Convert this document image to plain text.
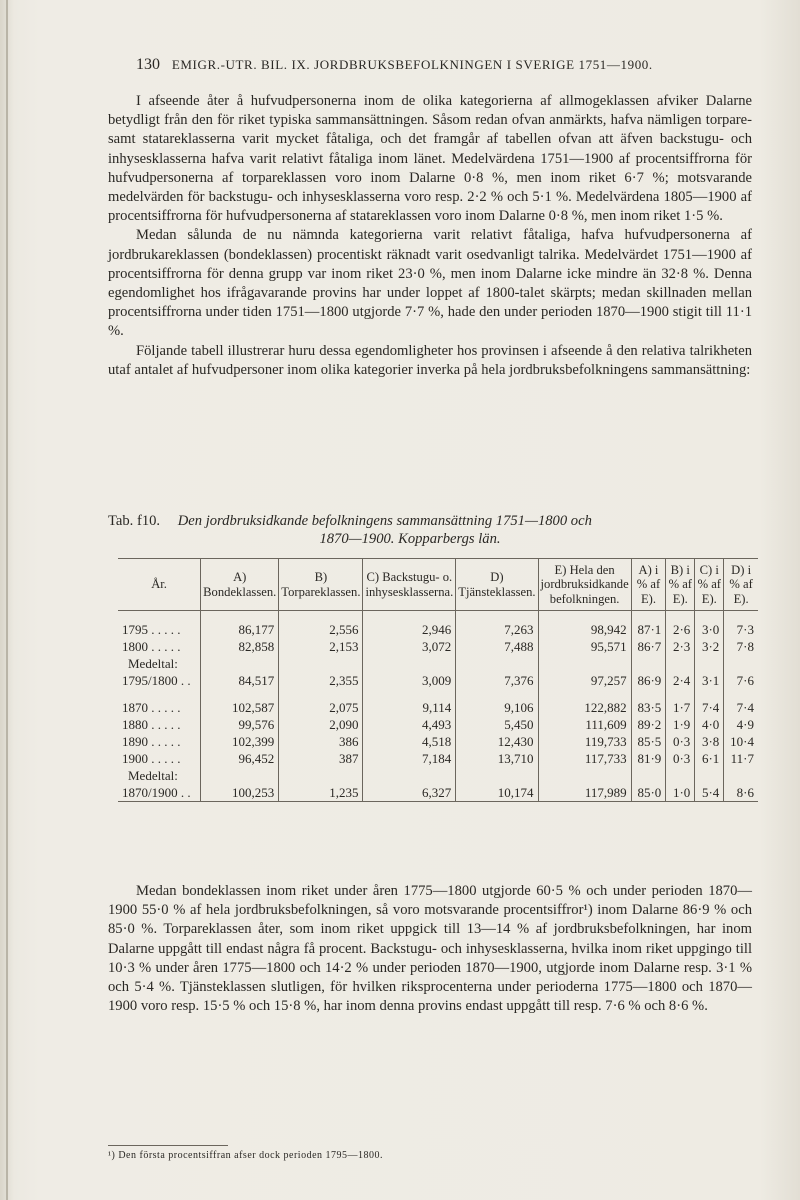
130 EMIGR.-UTR. BIL. IX. JORDBRUKSBEFOLKNINGEN I SVERIGE 1751—1900.

I afseende åter å hufvudpersonerna inom de olika kategorierna af allmogeklassen afviker Dalarne betydligt från den för riket typiska sammansättningen. Såsom redan ofvan anmärkts, hafva nämligen torpare- samt statareklasserna varit mycket fåtaliga, och det framgår af tabellen ofvan att äfven backstugu- och inhysesklasserna hafva varit relativt fåtaliga inom länet. Medelvärdena 1751—1900 af procentsiffrorna för hufvudpersonerna af torpareklassen voro inom Dalarne 0·8 %, men inom riket 6·7 %; motsvarande medelvärden för backstugu- och inhysesklasserna voro resp. 2·2 % och 5·1 %. Medelvärdena 1805—1900 af procentsiffrorna för hufvudpersonerna af statareklassen voro inom Dalarne 0·8 %, men inom riket 1·5 %.

Medan sålunda de nu nämnda kategorierna varit relativt fåtaliga, hafva hufvudpersonerna af jordbrukareklassen (bondeklassen) procentiskt räknadt varit osedvanligt talrika. Medelvärdet 1751—1900 af procentsiffrorna för denna grupp var inom riket 23·0 %, men inom Dalarne icke mindre än 32·8 %. Denna egendomlighet hos ifrågavarande provins har under loppet af 1800-talet skärpts; medan skillnaden mellan procentsiffrorna under tiden 1751—1800 utgjorde 7·7 %, hade den under perioden 1870—1900 stigit till 11·1 %.

Följande tabell illustrerar huru dessa egendomligheter hos provinsen i afseende å den relativa talrikheten utaf antalet af hufvudpersoner inom olika kategorier inverka på hela jordbruksbefolkningens sammansättning:

Tab. f10. Den jordbruksidkande befolkningens sammansättning 1751—1800 och
1870—1900. Kopparbergs län.
År.	A) Bondeklassen.	B) Torpareklassen.	C) Backstugu- o. inhysesklasserna.	D) Tjänsteklassen.	E) Hela den jordbruksidkande befolkningen.	A) i % af E).	B) i % af E).	C) i % af E).	D) i % af E).

1795 . . . . .	86,177	2,556	2,946	7,263	98,942	87·1	2·6	3·0	7·3
1800 . . . . .	82,858	2,153	3,072	7,488	95,571	86·7	2·3	3·2	7·8
Medeltal:									
1795/1800 . .	84,517	2,355	3,009	7,376	97,257	86·9	2·4	3·1	7·6

1870 . . . . .	102,587	2,075	9,114	9,106	122,882	83·5	1·7	7·4	7·4
1880 . . . . .	99,576	2,090	4,493	5,450	111,609	89·2	1·9	4·0	4·9
1890 . . . . .	102,399	386	4,518	12,430	119,733	85·5	0·3	3·8	10·4
1900 . . . . .	96,452	387	7,184	13,710	117,733	81·9	0·3	6·1	11·7
Medeltal:									
1870/1900 . .	100,253	1,235	6,327	10,174	117,989	85·0	1·0	5·4	8·6

Medan bondeklassen inom riket under åren 1775—1800 utgjorde 60·5 % och under perioden 1870—1900 55·0 % af hela jordbruksbefolkningen, så voro motsvarande procentsiffror¹) inom Dalarne 86·9 % och 85·0 %. Torpareklassen åter, som inom riket uppgick till 13—14 % af jordbruksbefolkningen, har inom Dalarne uppgått till endast några få procent. Backstugu- och inhysesklasserna, hvilka inom riket uppgingo till 10·3 % under åren 1775—1800 och 14·2 % under perioden 1870—1900, utgjorde inom Dalarne resp. 3·1 % och 5·4 %. Tjänsteklassen slutligen, för hvilken riksprocenterna under perioderna 1775—1800 och 1870—1900 voro resp. 15·5 % och 15·8 %, har inom denna provins endast uppgått till resp. 7·6 % och 8·6 %.

¹) Den första procentsiffran afser dock perioden 1795—1800.
